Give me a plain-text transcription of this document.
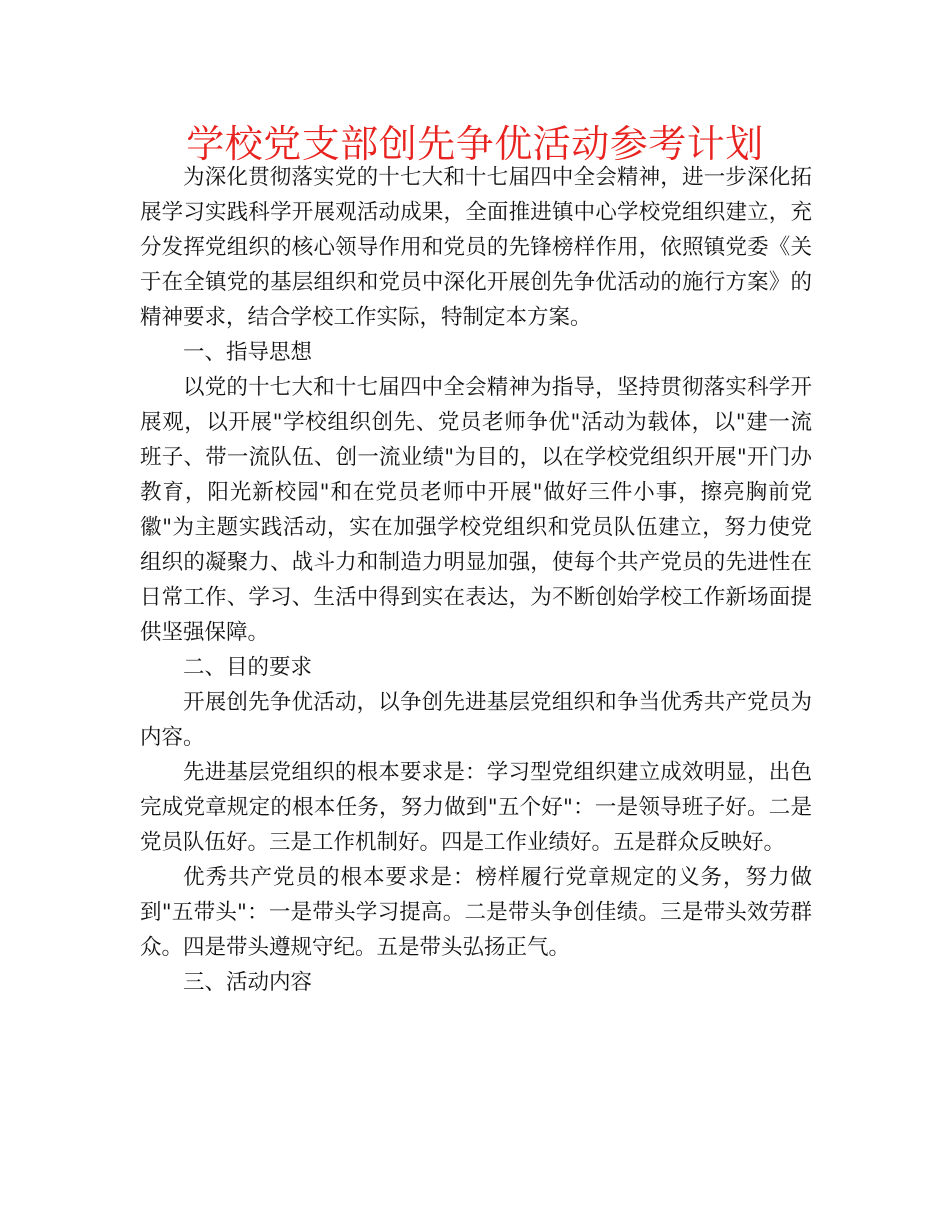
学校党支部创先争优活动参考计划

为深化贯彻落实党的十七大和十七届四中全会精神，进一步深化拓展学习实践科学开展观活动成果，全面推进镇中心学校党组织建立，充分发挥党组织的核心领导作用和党员的先锋榜样作用，依照镇党委《关于在全镇党的基层组织和党员中深化开展创先争优活动的施行方案》的精神要求，结合学校工作实际，特制定本方案。

一、指导思想

以党的十七大和十七届四中全会精神为指导，坚持贯彻落实科学开展观，以开展"学校组织创先、党员老师争优"活动为载体，以"建一流班子、带一流队伍、创一流业绩"为目的，以在学校党组织开展"开门办教育，阳光新校园"和在党员老师中开展"做好三件小事，擦亮胸前党徽"为主题实践活动，实在加强学校党组织和党员队伍建立，努力使党组织的凝聚力、战斗力和制造力明显加强，使每个共产党员的先进性在日常工作、学习、生活中得到实在表达，为不断创始学校工作新场面提供坚强保障。

二、目的要求

开展创先争优活动，以争创先进基层党组织和争当优秀共产党员为内容。

先进基层党组织的根本要求是：学习型党组织建立成效明显，出色完成党章规定的根本任务，努力做到"五个好"：一是领导班子好。二是党员队伍好。三是工作机制好。四是工作业绩好。五是群众反映好。

优秀共产党员的根本要求是：榜样履行党章规定的义务，努力做到"五带头"：一是带头学习提高。二是带头争创佳绩。三是带头效劳群众。四是带头遵规守纪。五是带头弘扬正气。

三、活动内容
